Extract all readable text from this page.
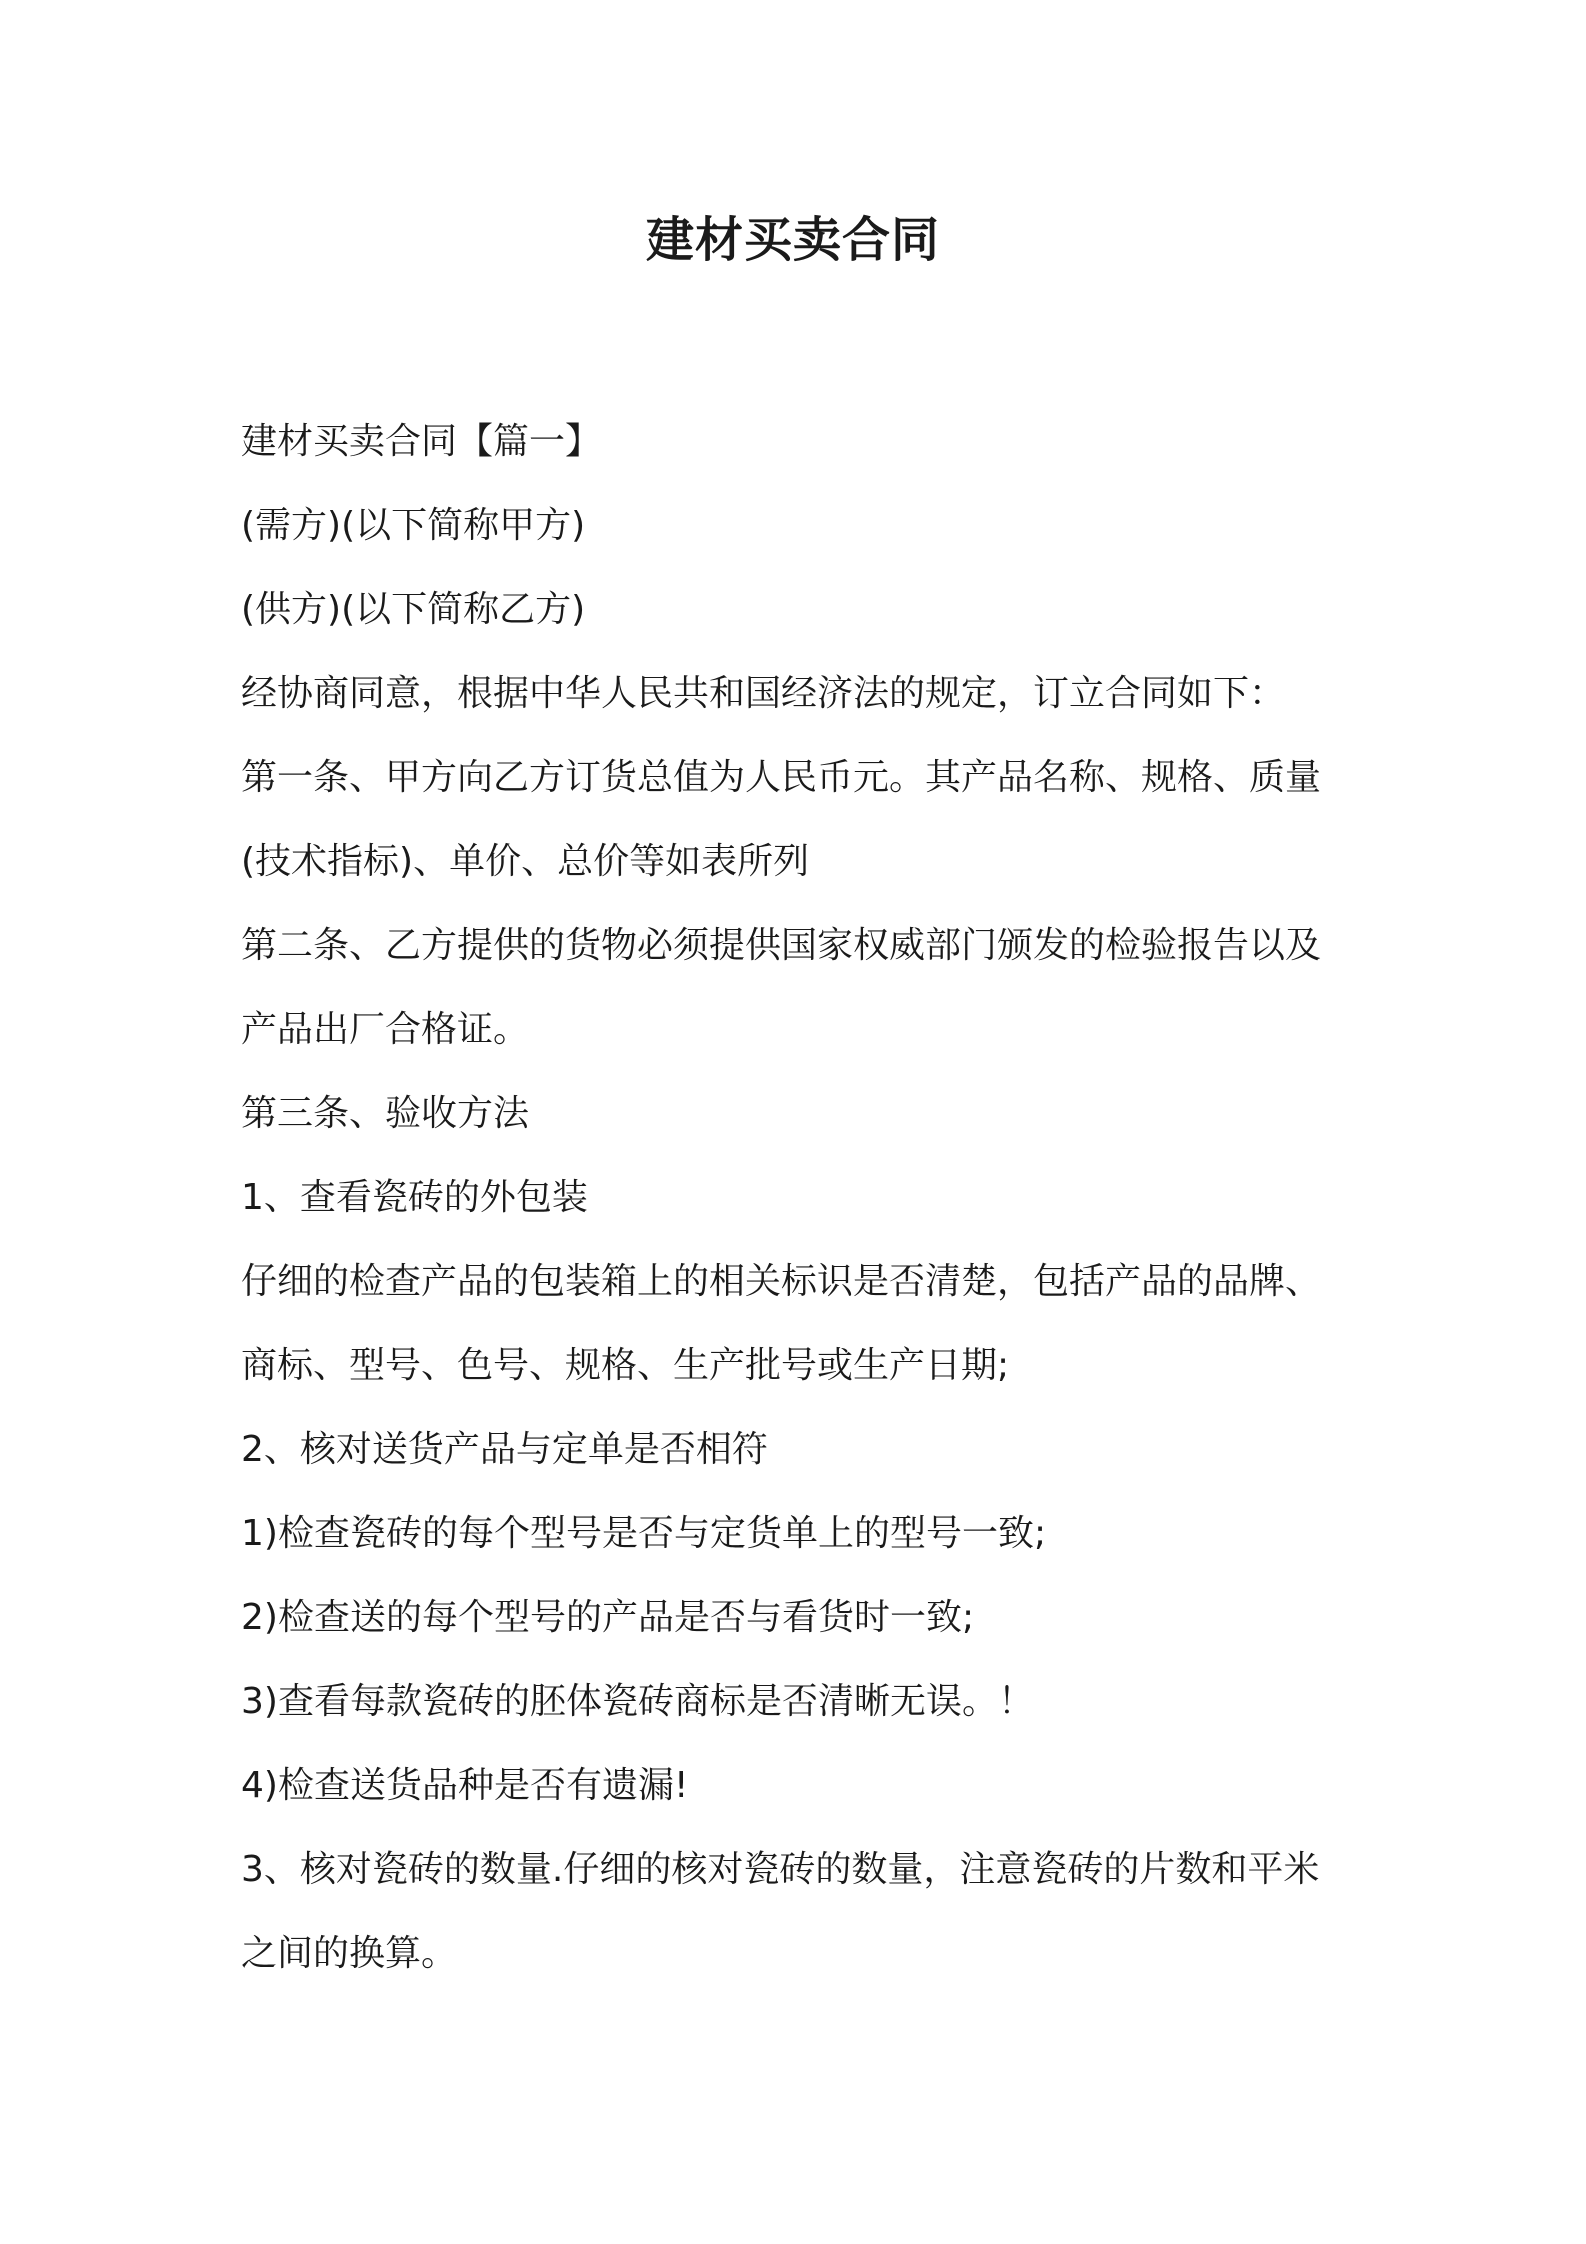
建材买卖合同

建材买卖合同【篇一】

(需方)(以下简称甲方)

(供方)(以下简称乙方)

经协商同意，根据中华人民共和国经济法的规定，订立合同如下：

第一条、甲方向乙方订货总值为人民币元。其产品名称、规格、质量

(技术指标)、单价、总价等如表所列

第二条、乙方提供的货物必须提供国家权威部门颁发的检验报告以及

产品出厂合格证。

第三条、验收方法

1、查看瓷砖的外包装

仔细的检查产品的包装箱上的相关标识是否清楚，包括产品的品牌、

商标、型号、色号、规格、生产批号或生产日期;

2、核对送货产品与定单是否相符

1)检查瓷砖的每个型号是否与定货单上的型号一致;

2)检查送的每个型号的产品是否与看货时一致;

3)查看每款瓷砖的胚体瓷砖商标是否清晰无误。！

4)检查送货品种是否有遗漏!

3、核对瓷砖的数量.仔细的核对瓷砖的数量，注意瓷砖的片数和平米

之间的换算。
